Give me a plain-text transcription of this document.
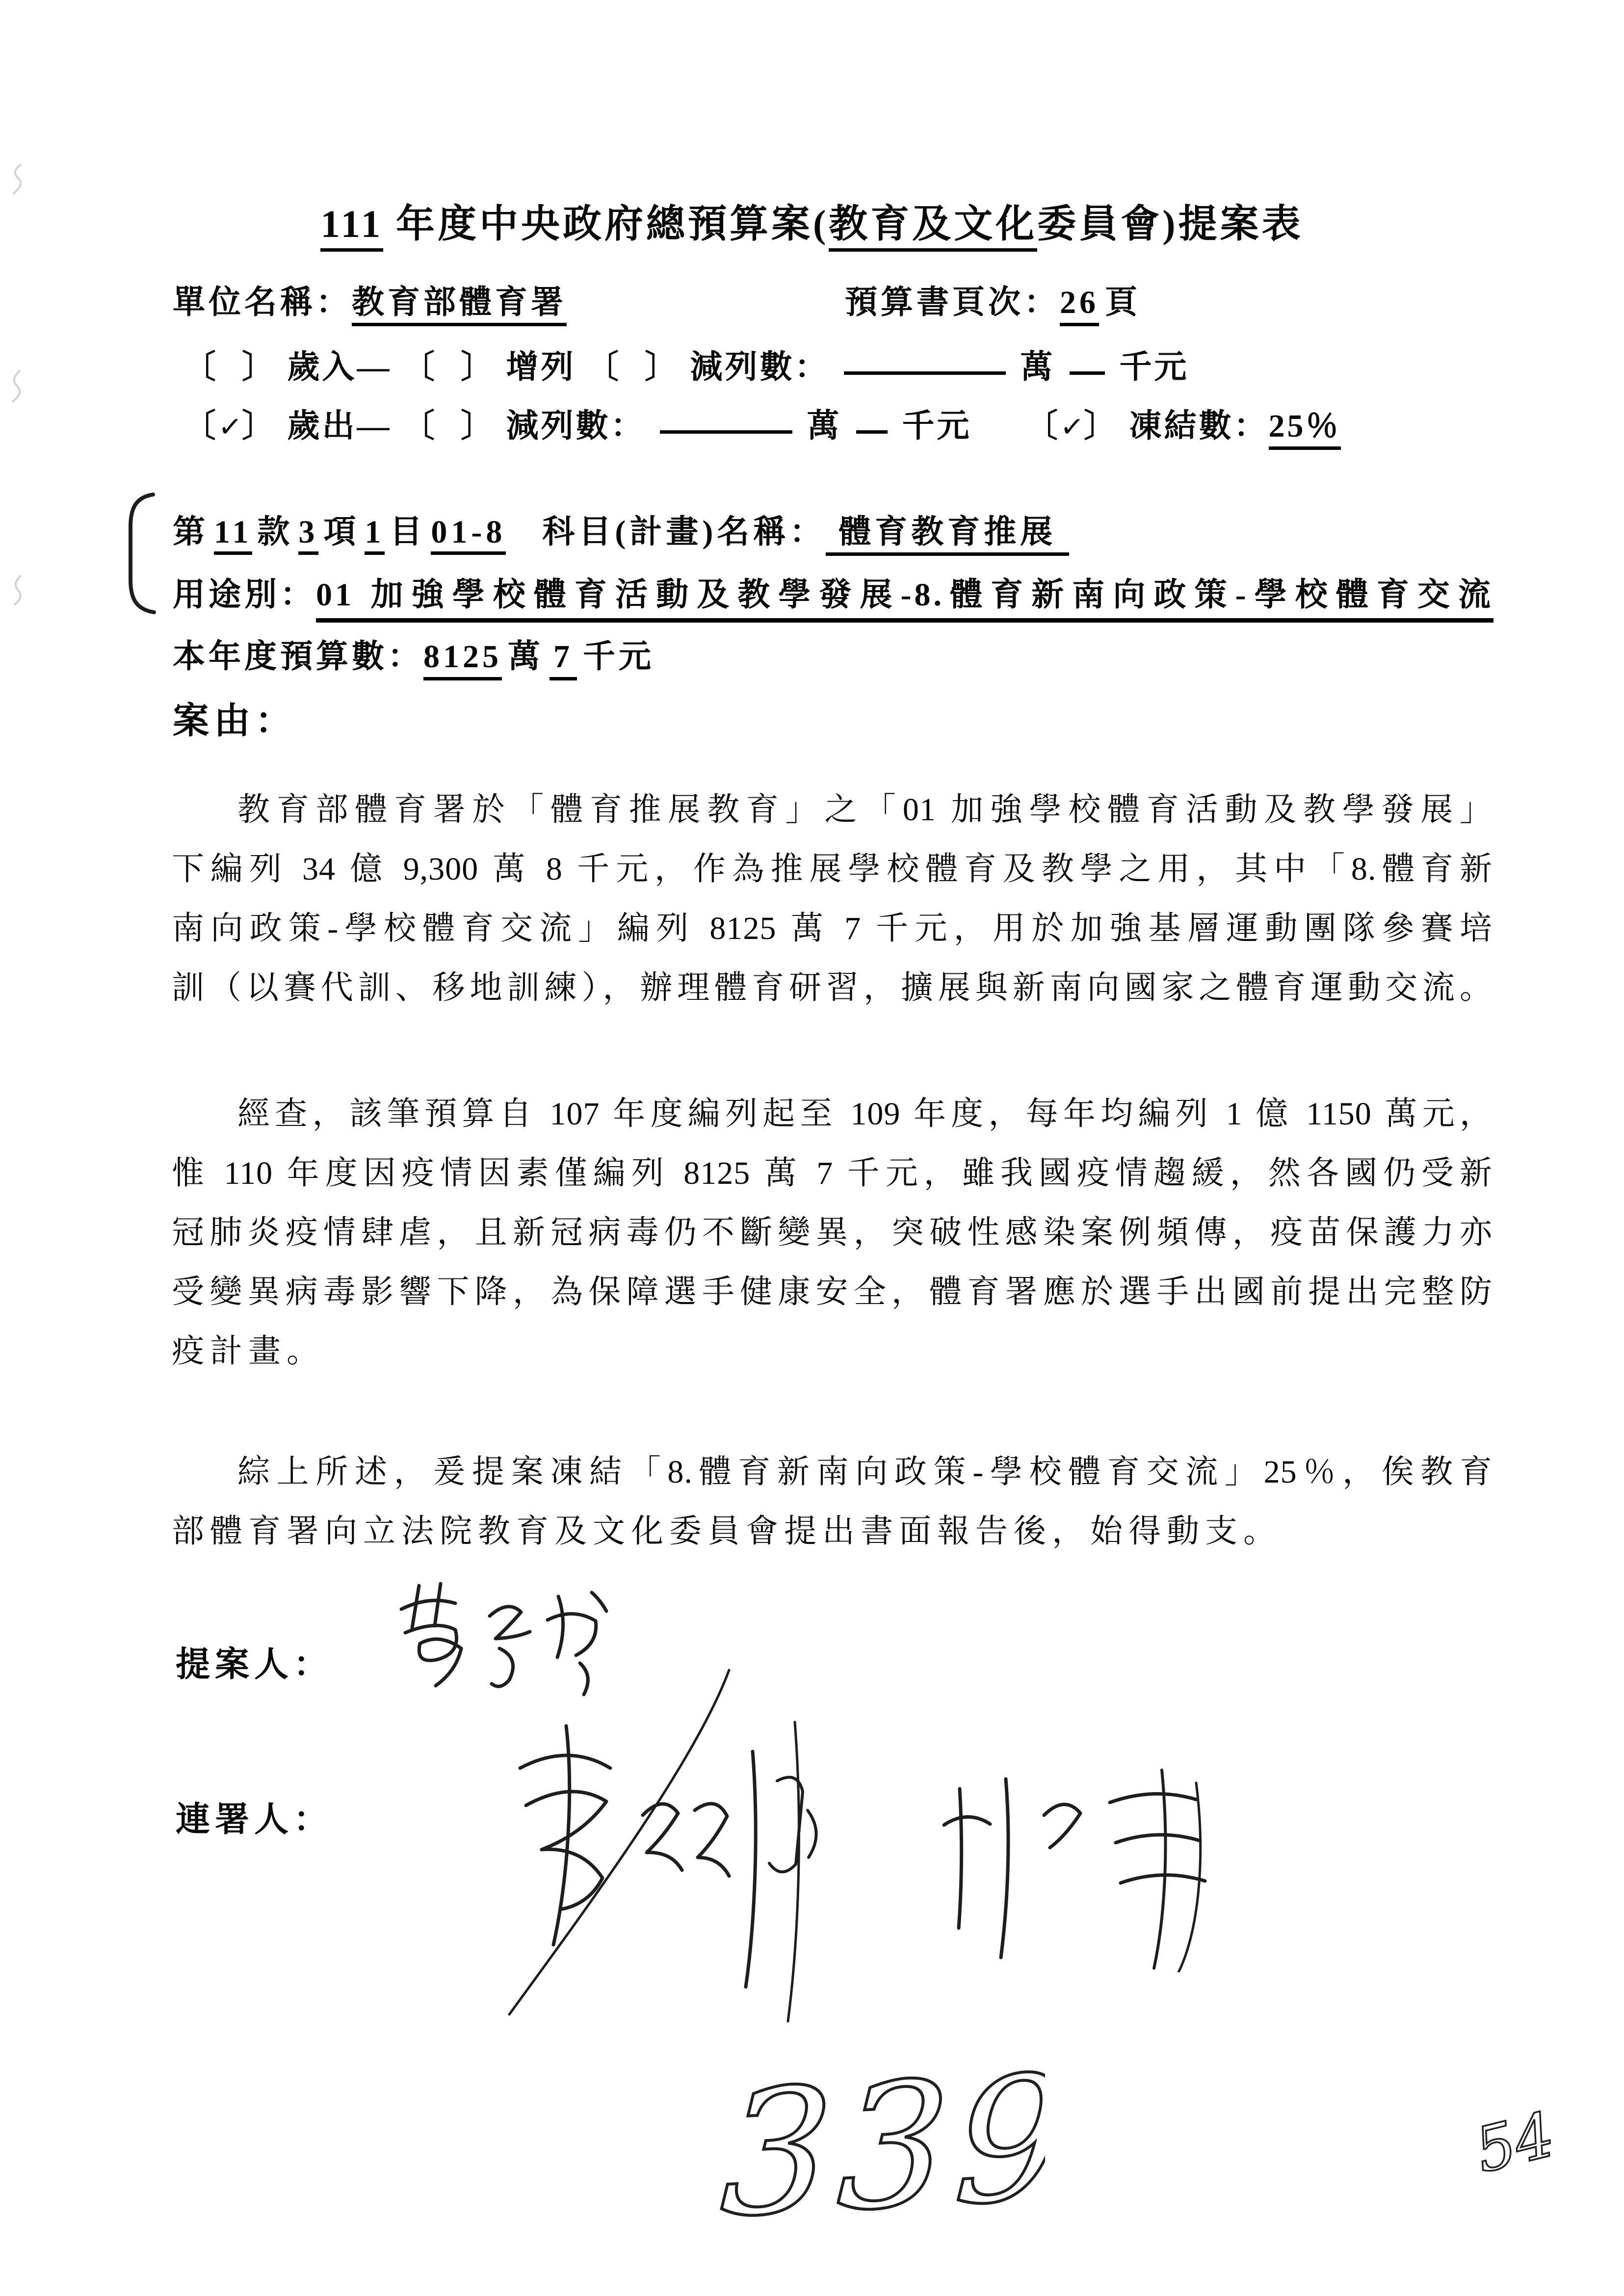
111 年度中央政府總預算案(教育及文化委員會)提案表
單位名稱：教育部體育署	預算書頁次：26 頁
〔 〕 歲入— 〔 〕 增列 〔 〕 減列數：	萬 千元
〔✓〕 歲出— 〔 〕 減列數：	萬 千元 〔✓〕 凍結數：25％
第 11 款 3 項 1 目 01-8 科目(計畫)名稱： 體育教育推展
用途別： 01 加強學校體育活動及教學發展-8.體育新南向政策-學校體育交流
本年度預算數：8125 萬 7 千元
案由：
教育部體育署於「體育推展教育」之「01 加強學校體育活動及教學發展」
下編列 34 億 9,300 萬 8 千元，作為推展學校體育及教學之用，其中「8.體育新
南向政策-學校體育交流」編列 8125 萬 7 千元，用於加強基層運動團隊參賽培
訓（以賽代訓、移地訓練），辦理體育研習，擴展與新南向國家之體育運動交流。
經查，該筆預算自 107 年度編列起至 109 年度，每年均編列 1 億 1150 萬元，
惟 110 年度因疫情因素僅編列 8125 萬 7 千元，雖我國疫情趨緩，然各國仍受新
冠肺炎疫情肆虐，且新冠病毒仍不斷變異，突破性感染案例頻傳，疫苗保護力亦
受變異病毒影響下降，為保障選手健康安全，體育署應於選手出國前提出完整防
疫計畫。
綜上所述，爰提案凍結「8.體育新南向政策-學校體育交流」25％，俟教育
部體育署向立法院教育及文化委員會提出書面報告後，始得動支。
提案人：
連署人：
339	54
